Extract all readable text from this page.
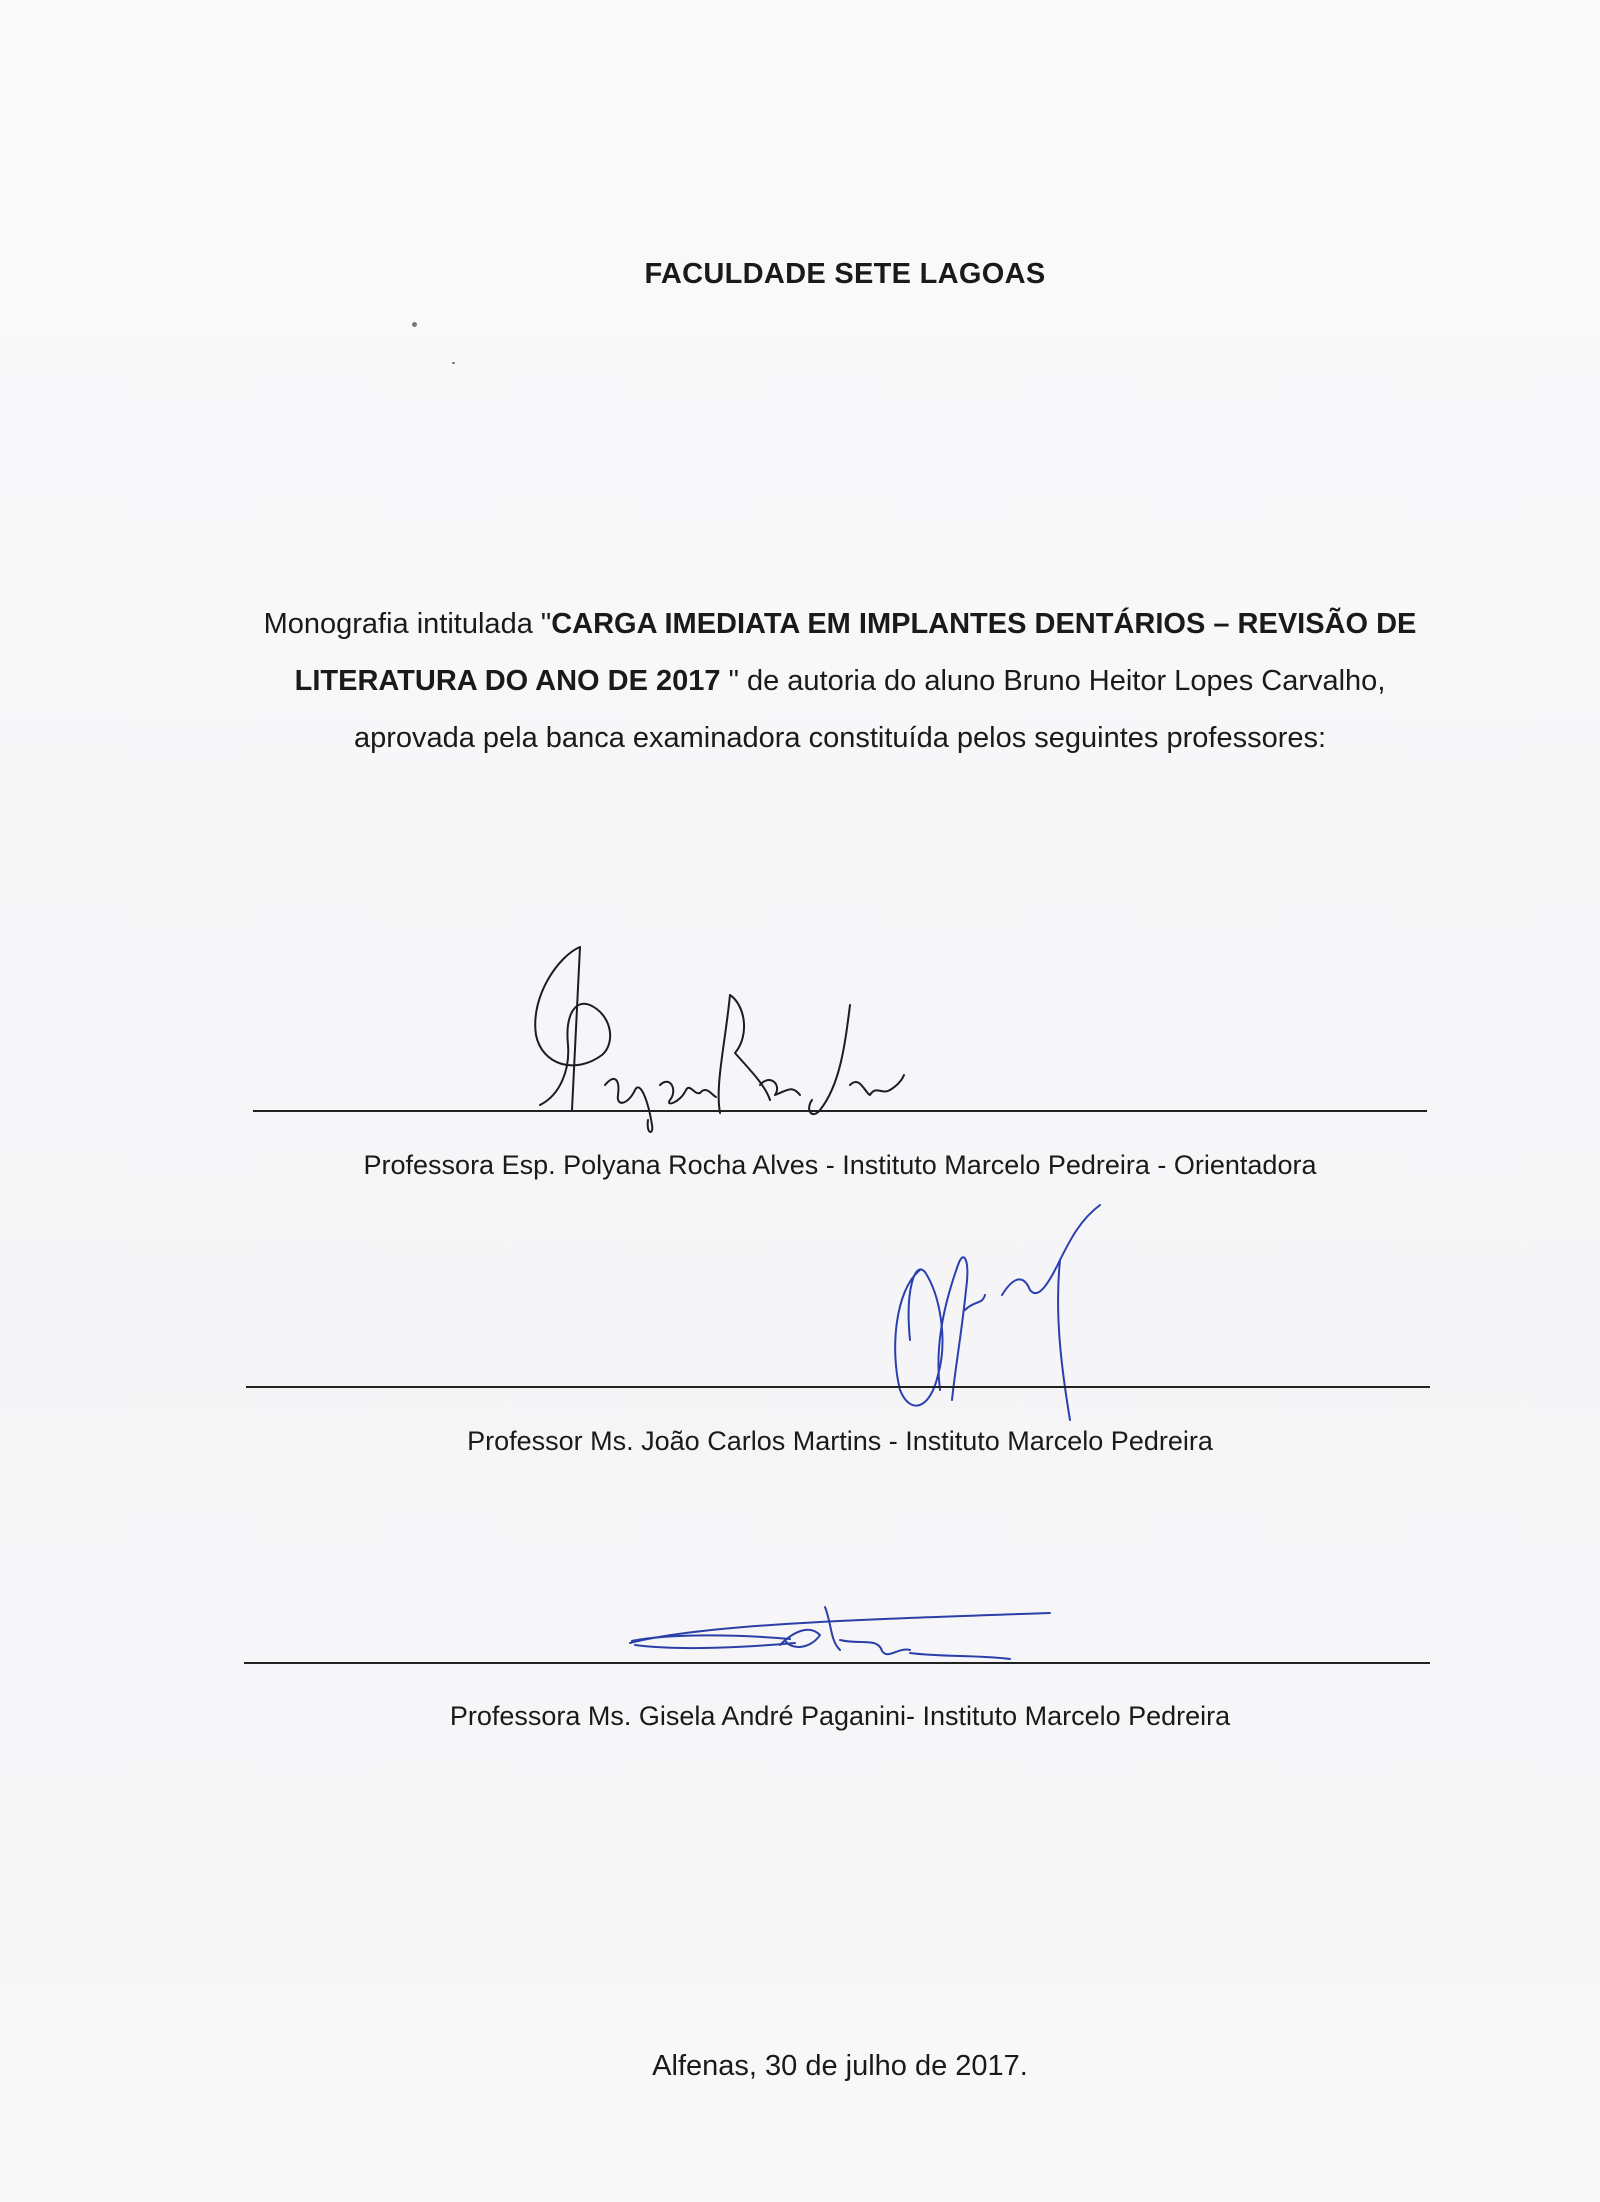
FACULDADE SETE LAGOAS
Monografia intitulada "CARGA IMEDIATA EM IMPLANTES DENTÁRIOS – REVISÃO DE LITERATURA DO ANO DE 2017 " de autoria do aluno Bruno Heitor Lopes Carvalho, aprovada pela banca examinadora constituída pelos seguintes professores:
Professora Esp. Polyana Rocha Alves - Instituto Marcelo Pedreira - Orientadora
Professor Ms. João Carlos Martins - Instituto Marcelo Pedreira
Professora Ms. Gisela André Paganini- Instituto Marcelo Pedreira
Alfenas, 30 de julho de 2017.
